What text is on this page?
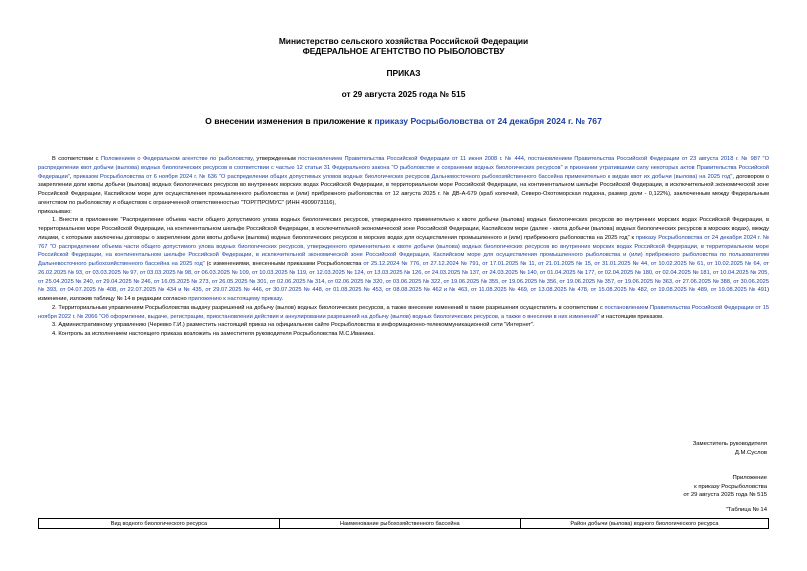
Министерство сельского хозяйства Российской Федерации
ФЕДЕРАЛЬНОЕ АГЕНТСТВО ПО РЫБОЛОВСТВУ
ПРИКАЗ
от 29 августа 2025 года № 515
О внесении изменения в приложение к приказу Росрыболовства от 24 декабря 2024 г. № 767

В соответствии с Положением о Федеральном агентстве по рыболовству, утвержденным постановлением Правительства Российской Федерации от 11 июня 2008 г. № 444, постановлением Правительства Российской Федерации от 23 августа 2018 г. № 987 "О распределении квот добычи (вылова) водных биологических ресурсов в соответствии с частью 12 статьи 31 Федерального закона "О рыболовстве и сохранении водных биологических ресурсов" и признании утратившими силу некоторых актов Правительства Российской Федерации", приказом Росрыболовства от 6 ноября 2024 г. № 636 "О распределении общих допустимых уловов водных биологических ресурсов Дальневосточного рыбохозяйственного бассейна применительно к видам квот их добычи (вылова) на 2025 год", договором о закреплении доли квоты добычи (вылова) водных биологических ресурсов во внутренних морских водах Российской Федерации, в территориальном море Российской Федерации, на континентальном шельфе Российской Федерации, в исключительной экономической зоне Российской Федерации, Каспийском море для осуществления промышленного рыболовства и (или) прибрежного рыболовства от 12 августа 2025 г. № ДВ-А-679 (краб колючий, Северо-Охотоморская подзона, размер доли - 0,122%), заключенным между Федеральным агентством по рыболовству и обществом с ограниченной ответственностью "ТОРГПРОМУС" (ИНН 4909073116),

приказываю:

1. Внести в приложение "Распределение объема части общего допустимого улова водных биологических ресурсов, утвержденного применительно к квоте добычи (вылова) водных биологических ресурсов во внутренних морских водах Российской Федерации, в территориальном море Российской Федерации, на континентальном шельфе Российской Федерации, в исключительной экономической зоне Российской Федерации, Каспийском море (далее - квота добычи (вылова) водных биологических ресурсов в морских водах), между лицами, с которыми заключены договоры о закреплении доли квоты добычи (вылова) водных биологических ресурсов в морских водах для осуществления промышленного и (или) прибрежного рыболовства на 2025 год" к приказу Росрыболовства от 24 декабря 2024 г. № 767 "О распределении объема части общего допустимого улова водных биологических ресурсов, утвержденного применительно к квоте добычи (вылова) водных биологических ресурсов во внутренних морских водах Российской Федерации, в территориальном море Российской Федерации, на континентальном шельфе Российской Федерации, в исключительной экономической зоне Российской Федерации, Каспийском море для осуществления промышленного рыболовства и (или) прибрежного рыболовства по пользователям Дальневосточного рыбохозяйственного бассейна на 2025 год" (с изменениями, внесенными приказами Росрыболовства от 25.12.2024 № 776, от 27.12.2024 № 791, от 17.01.2025 № 11, от 21.01.2025 № 15, от 31.01.2025 № 44, от 10.02.2025 № 61, от 10.02.2025 № 64, от 26.02.2025 № 93, от 03.03.2025 № 97, от 03.03.2025 № 98, от 06.03.2025 № 109, от 10.03.2025 № 119, от 12.03.2025 № 124, от 13.03.2025 № 126, от 24.03.2025 № 137, от 24.03.2025 № 140, от 01.04.2025 № 177, от 02.04.2025 № 180, от 02.04.2025 № 181, от 10.04.2025 № 205, от 25.04.2025 № 240, от 29.04.2025 № 246, от 16.05.2025 № 273, от 26.05.2025 № 301, от 02.06.2025 № 314, от 02.06.2025 № 320, от 03.06.2025 № 322, от 19.06.2025 № 355, от 19.06.2025 № 356, от 19.06.2025 № 357, от 19.06.2025 № 363, от 27.06.2025 № 388, от 30.06.2025 № 393, от 04.07.2025 № 408, от 22.07.2025 № 434 и № 435, от 29.07.2025 № 446, от 30.07.2025 № 448, от 01.08.2025 № 453, от 08.08.2025 № 462 и № 463, от 11.08.2025 № 469, от 13.08.2025 № 478, от 15.08.2025 № 482, от 19.08.2025 № 489, от 19.08.2025 № 491) изменение, изложив таблицу № 14 в редакции согласно приложению к настоящему приказу.

2. Территориальным управлениям Росрыболовства выдачу разрешений на добычу (вылов) водных биологических ресурсов, а также внесение изменений в такие разрешения осуществлять в соответствии с постановлением Правительства Российской Федерации от 15 ноября 2022 г. № 2066 "Об оформлении, выдаче, регистрации, приостановлении действия и аннулировании разрешений на добычу (вылов) водных биологических ресурсов, а также о внесении в них изменений" и настоящим приказом.

3. Административному управлению (Черевко Г.И.) разместить настоящий приказ на официальном сайте Росрыболовства в информационно-телекоммуникационной сети "Интернет".

4. Контроль за исполнением настоящего приказа возложить на заместителя руководителя Росрыболовства М.С.Иваника.

Заместитель руководителя
Д.М.Суслов
Приложение
к приказу Росрыболовства
от 29 августа 2025 года № 515
"Таблица № 14
Вид водного биологического ресурса	Наименование рыбохозяйственного бассейна	Район добычи (вылова) водного биологического ресурса
